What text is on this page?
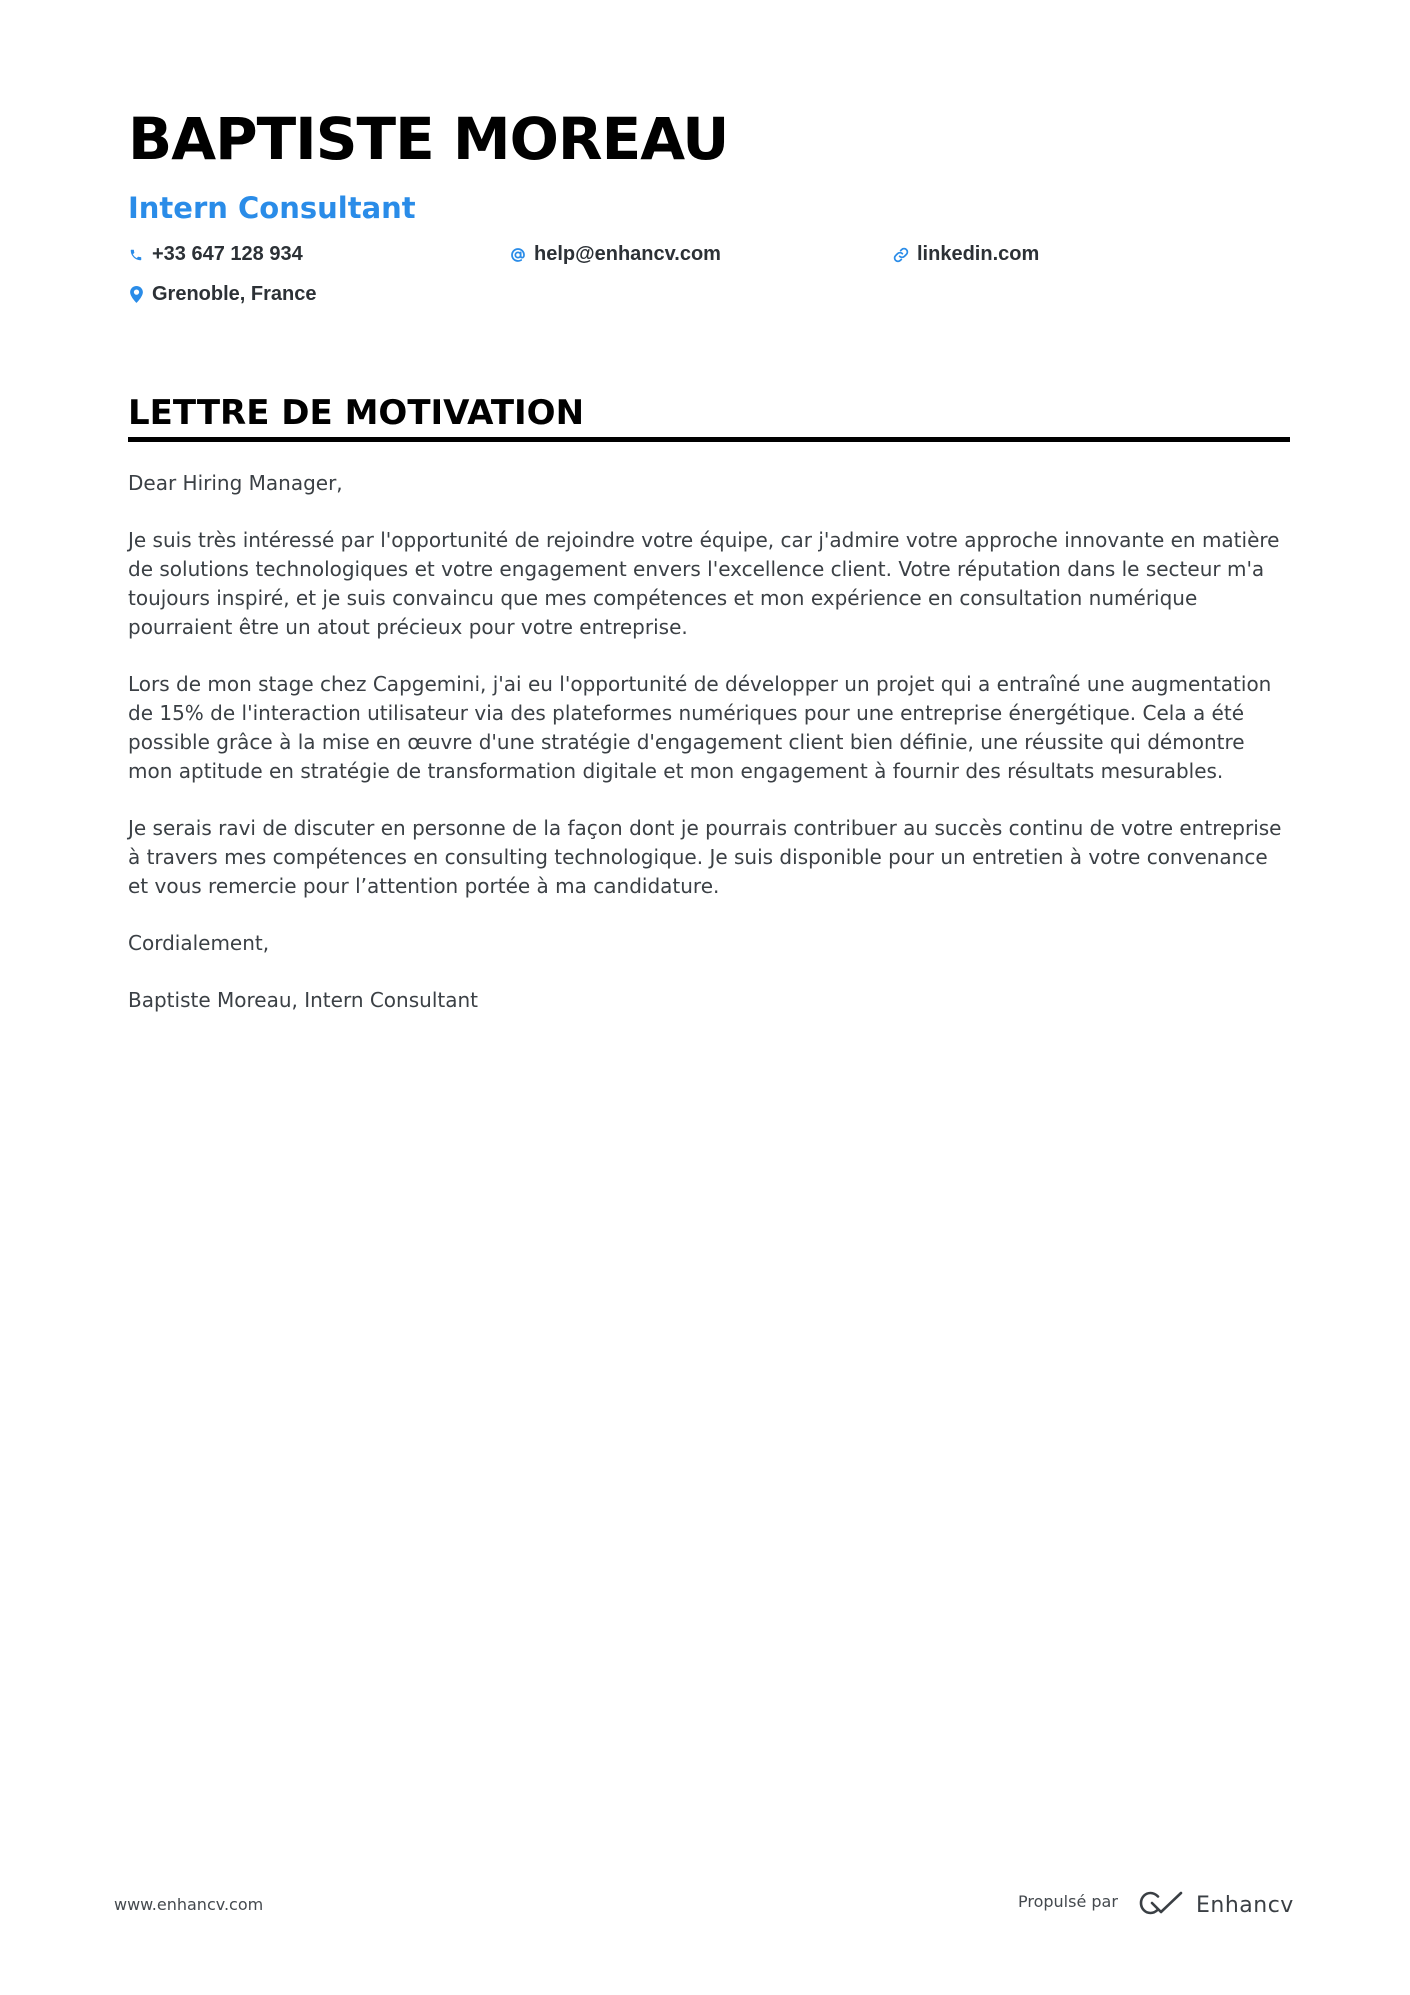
BAPTISTE MOREAU
Intern Consultant
+33 647 128 934	help@enhancv.com	linkedin.com
Grenoble, France
LETTRE DE MOTIVATION

Dear Hiring Manager,

Je suis très intéressé par l'opportunité de rejoindre votre équipe, car j'admire votre approche innovante en matière de solutions technologiques et votre engagement envers l'excellence client. Votre réputation dans le secteur m'a toujours inspiré, et je suis convaincu que mes compétences et mon expérience en consultation numérique pourraient être un atout précieux pour votre entreprise.

Lors de mon stage chez Capgemini, j'ai eu l'opportunité de développer un projet qui a entraîné une augmentation de 15% de l'interaction utilisateur via des plateformes numériques pour une entreprise énergétique. Cela a été possible grâce à la mise en œuvre d'une stratégie d'engagement client bien définie, une réussite qui démontre mon aptitude en stratégie de transformation digitale et mon engagement à fournir des résultats mesurables.

Je serais ravi de discuter en personne de la façon dont je pourrais contribuer au succès continu de votre entreprise à travers mes compétences en consulting technologique. Je suis disponible pour un entretien à votre convenance et vous remercie pour l’attention portée à ma candidature.

Cordialement,

Baptiste Moreau, Intern Consultant

www.enhancv.com	Propulsé par	Enhancv
